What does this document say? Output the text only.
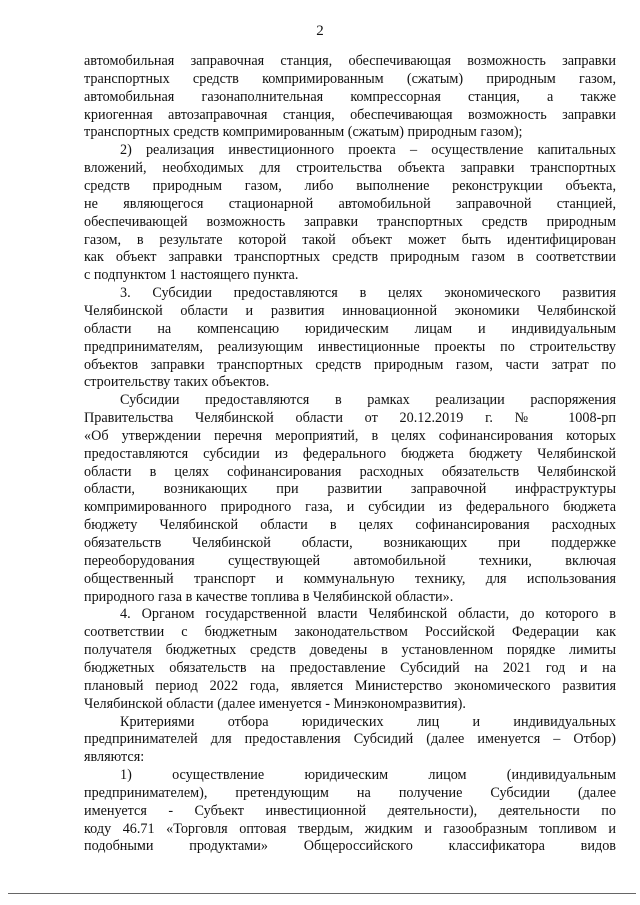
2
автомобильная заправочная станция, обеспечивающая возможность заправки
транспортных средств компримированным (сжатым) природным газом,
автомобильная газонаполнительная компрессорная станция, а также
криогенная автозаправочная станция, обеспечивающая возможность заправки
транспортных средств компримированным (сжатым) природным газом);
2) реализация инвестиционного проекта – осуществление капитальных
вложений, необходимых для строительства объекта заправки транспортных
средств природным газом, либо выполнение реконструкции объекта,
не являющегося стационарной автомобильной заправочной станцией,
обеспечивающей возможность заправки транспортных средств природным
газом, в результате которой такой объект может быть идентифицирован
как объект заправки транспортных средств природным газом в соответствии
с подпунктом 1 настоящего пункта.
3. Субсидии предоставляются в целях экономического развития
Челябинской области и развития инновационной экономики Челябинской
области на компенсацию юридическим лицам и индивидуальным
предпринимателям, реализующим инвестиционные проекты по строительству
объектов заправки транспортных средств природным газом, части затрат по
строительству таких объектов.
Субсидии предоставляются в рамках реализации распоряжения
Правительства Челябинской области от 20.12.2019 г. № 1008-рп
«Об утверждении перечня мероприятий, в целях софинансирования которых
предоставляются субсидии из федерального бюджета бюджету Челябинской
области в целях софинансирования расходных обязательств Челябинской
области, возникающих при развитии заправочной инфраструктуры
компримированного природного газа, и субсидии из федерального бюджета
бюджету Челябинской области в целях софинансирования расходных
обязательств Челябинской области, возникающих при поддержке
переоборудования существующей автомобильной техники, включая
общественный транспорт и коммунальную технику, для использования
природного газа в качестве топлива в Челябинской области».
4. Органом государственной власти Челябинской области, до которого в
соответствии с бюджетным законодательством Российской Федерации как
получателя бюджетных средств доведены в установленном порядке лимиты
бюджетных обязательств на предоставление Субсидий на 2021 год и на
плановый период 2022 года, является Министерство экономического развития
Челябинской области (далее именуется - Минэкономразвития).
Критериями отбора юридических лиц и индивидуальных
предпринимателей для предоставления Субсидий (далее именуется – Отбор)
являются:
1) осуществление юридическим лицом (индивидуальным
предпринимателем), претендующим на получение Субсидии (далее
именуется - Субъект инвестиционной деятельности), деятельности по
коду 46.71 «Торговля оптовая твердым, жидким и газообразным топливом и
подобными продуктами» Общероссийского классификатора видов
